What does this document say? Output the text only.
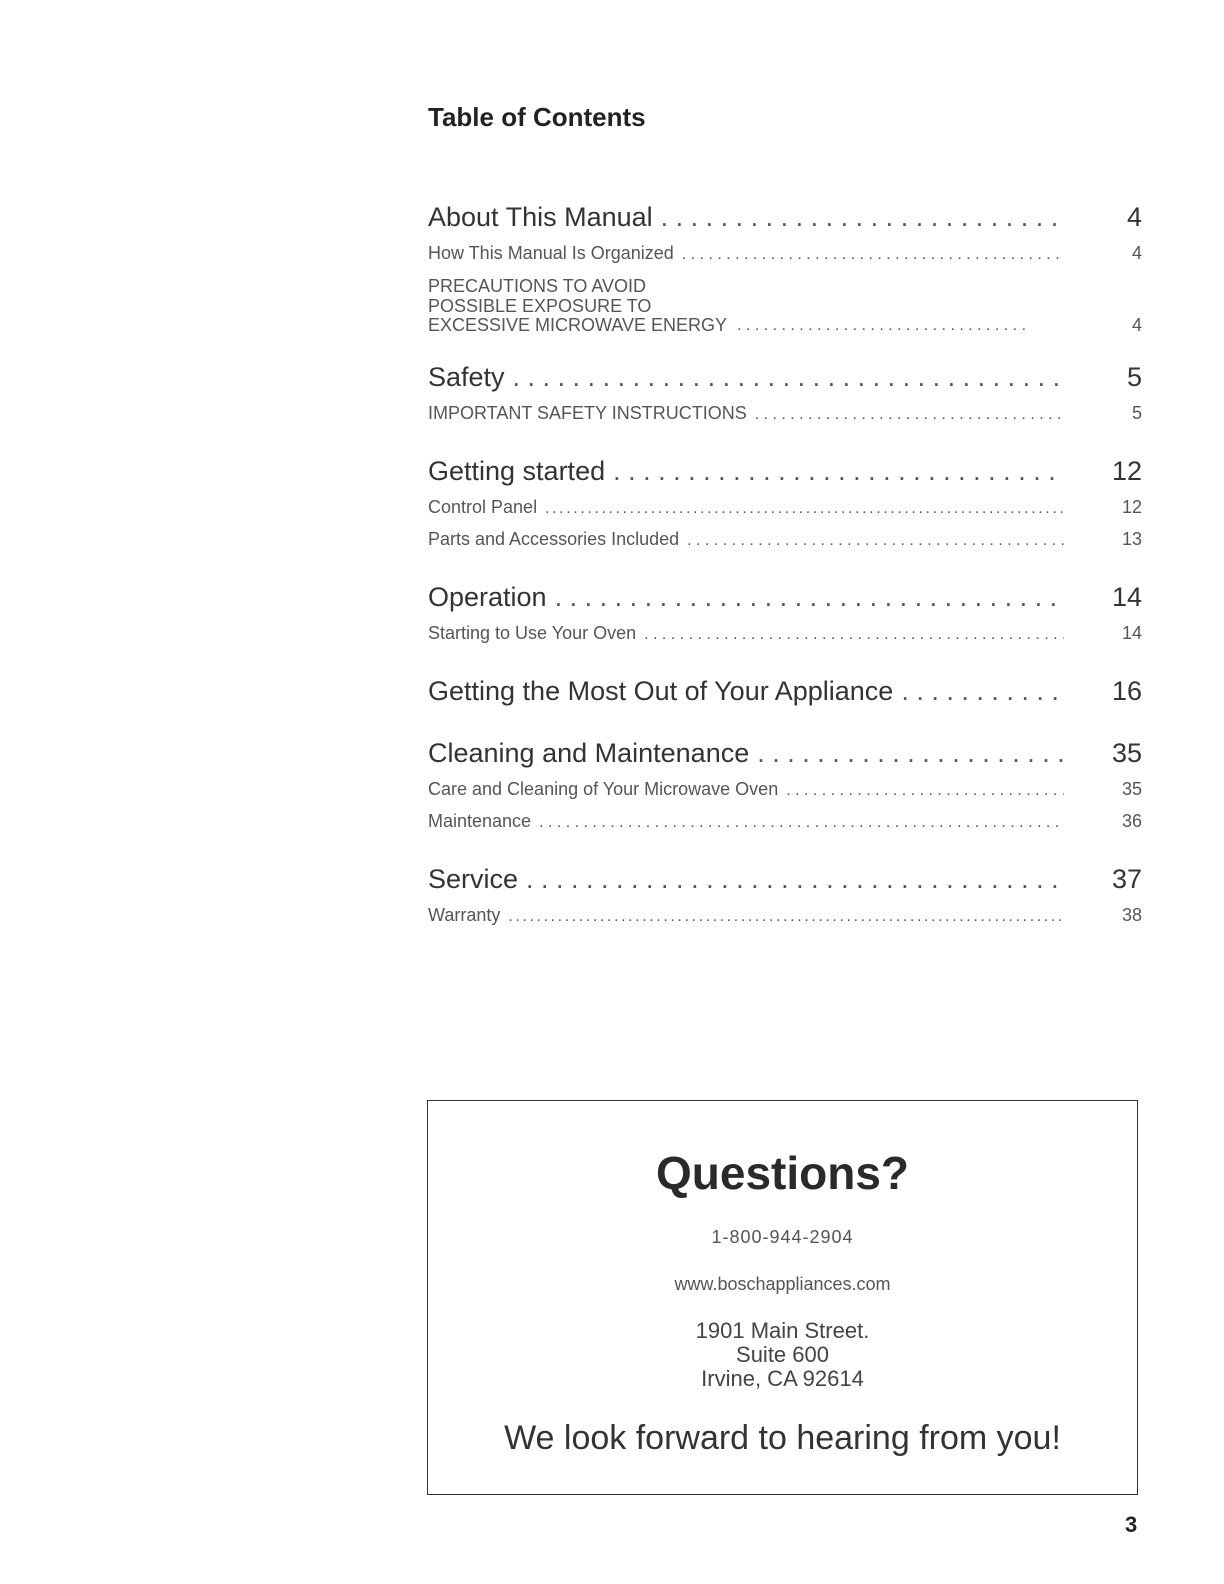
Table of Contents
About This Manual . . .	4
How This Manual Is Organized . . .	4
PRECAUTIONS TO AVOID
POSSIBLE EXPOSURE TO
EXCESSIVE MICROWAVE ENERGY . . .	4
Safety . . .	5
IMPORTANT SAFETY INSTRUCTIONS . . .	5
Getting started . . .	12
Control Panel .....	12
Parts and Accessories Included . . .	13
Operation . . .	14
Starting to Use Your Oven . . .	14
Getting the Most Out of Your Appliance . . .	16
Cleaning and Maintenance . . .	35
Care and Cleaning of Your Microwave Oven . . .	35
Maintenance . . .	36
Service . . .	37
Warranty .....	38
Questions?
1-800-944-2904
www.boschappliances.com
1901 Main Street.
Suite 600
Irvine, CA 92614
We look forward to hearing from you!
3
